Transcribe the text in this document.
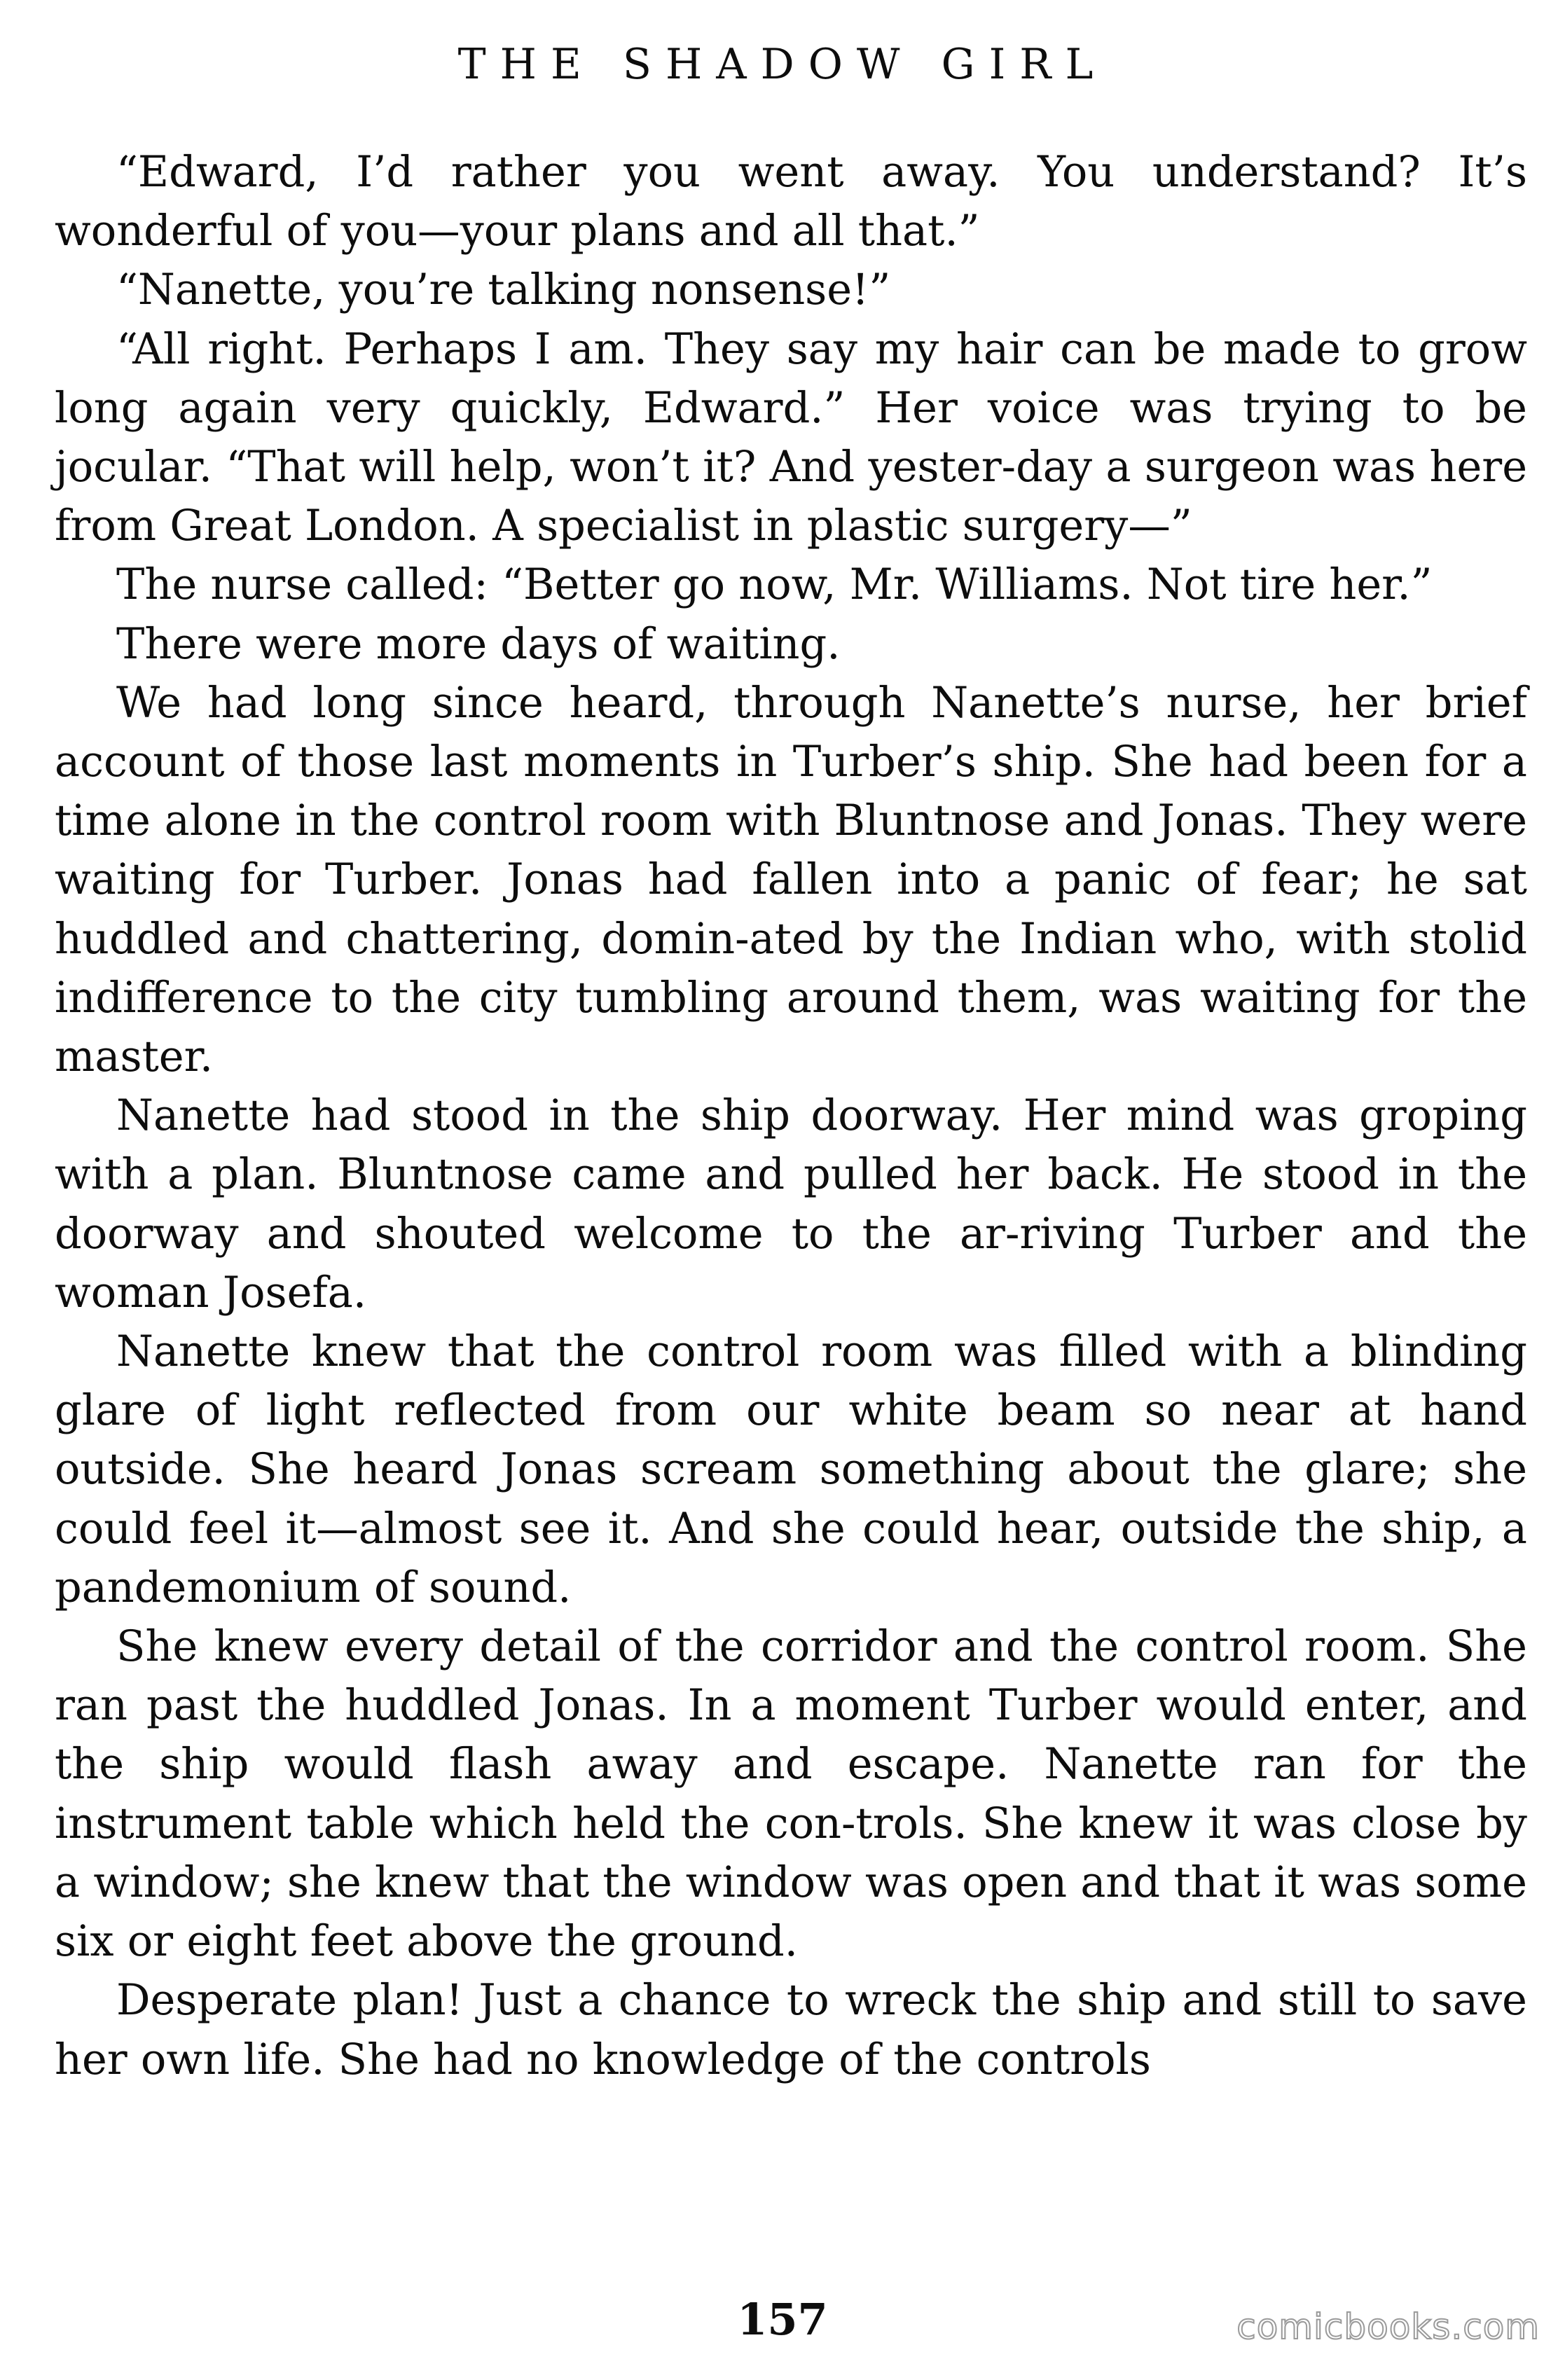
THE SHADOW GIRL

“Edward, I’d rather you went away. You understand? It’s wonderful of you—your plans and all that.”

“Nanette, you’re talking nonsense!”

“All right. Perhaps I am. They say my hair can be made to grow long again very quickly, Edward.” Her voice was trying to be jocular. “That will help, won’t it? And yester-day a surgeon was here from Great London. A specialist in plastic surgery—”

The nurse called: “Better go now, Mr. Williams. Not tire her.”

There were more days of waiting.

We had long since heard, through Nanette’s nurse, her brief account of those last moments in Turber’s ship. She had been for a time alone in the control room with Bluntnose and Jonas. They were waiting for Turber. Jonas had fallen into a panic of fear; he sat huddled and chattering, domin-ated by the Indian who, with stolid indifference to the city tumbling around them, was waiting for the master.

Nanette had stood in the ship doorway. Her mind was groping with a plan. Bluntnose came and pulled her back. He stood in the doorway and shouted welcome to the ar-riving Turber and the woman Josefa.

Nanette knew that the control room was filled with a blinding glare of light reflected from our white beam so near at hand outside. She heard Jonas scream something about the glare; she could feel it—almost see it. And she could hear, outside the ship, a pandemonium of sound.

She knew every detail of the corridor and the control room. She ran past the huddled Jonas. In a moment Turber would enter, and the ship would flash away and escape. Nanette ran for the instrument table which held the con-trols. She knew it was close by a window; she knew that the window was open and that it was some six or eight feet above the ground.

Desperate plan! Just a chance to wreck the ship and still to save her own life. She had no knowledge of the controls

157	comicbooks.com
